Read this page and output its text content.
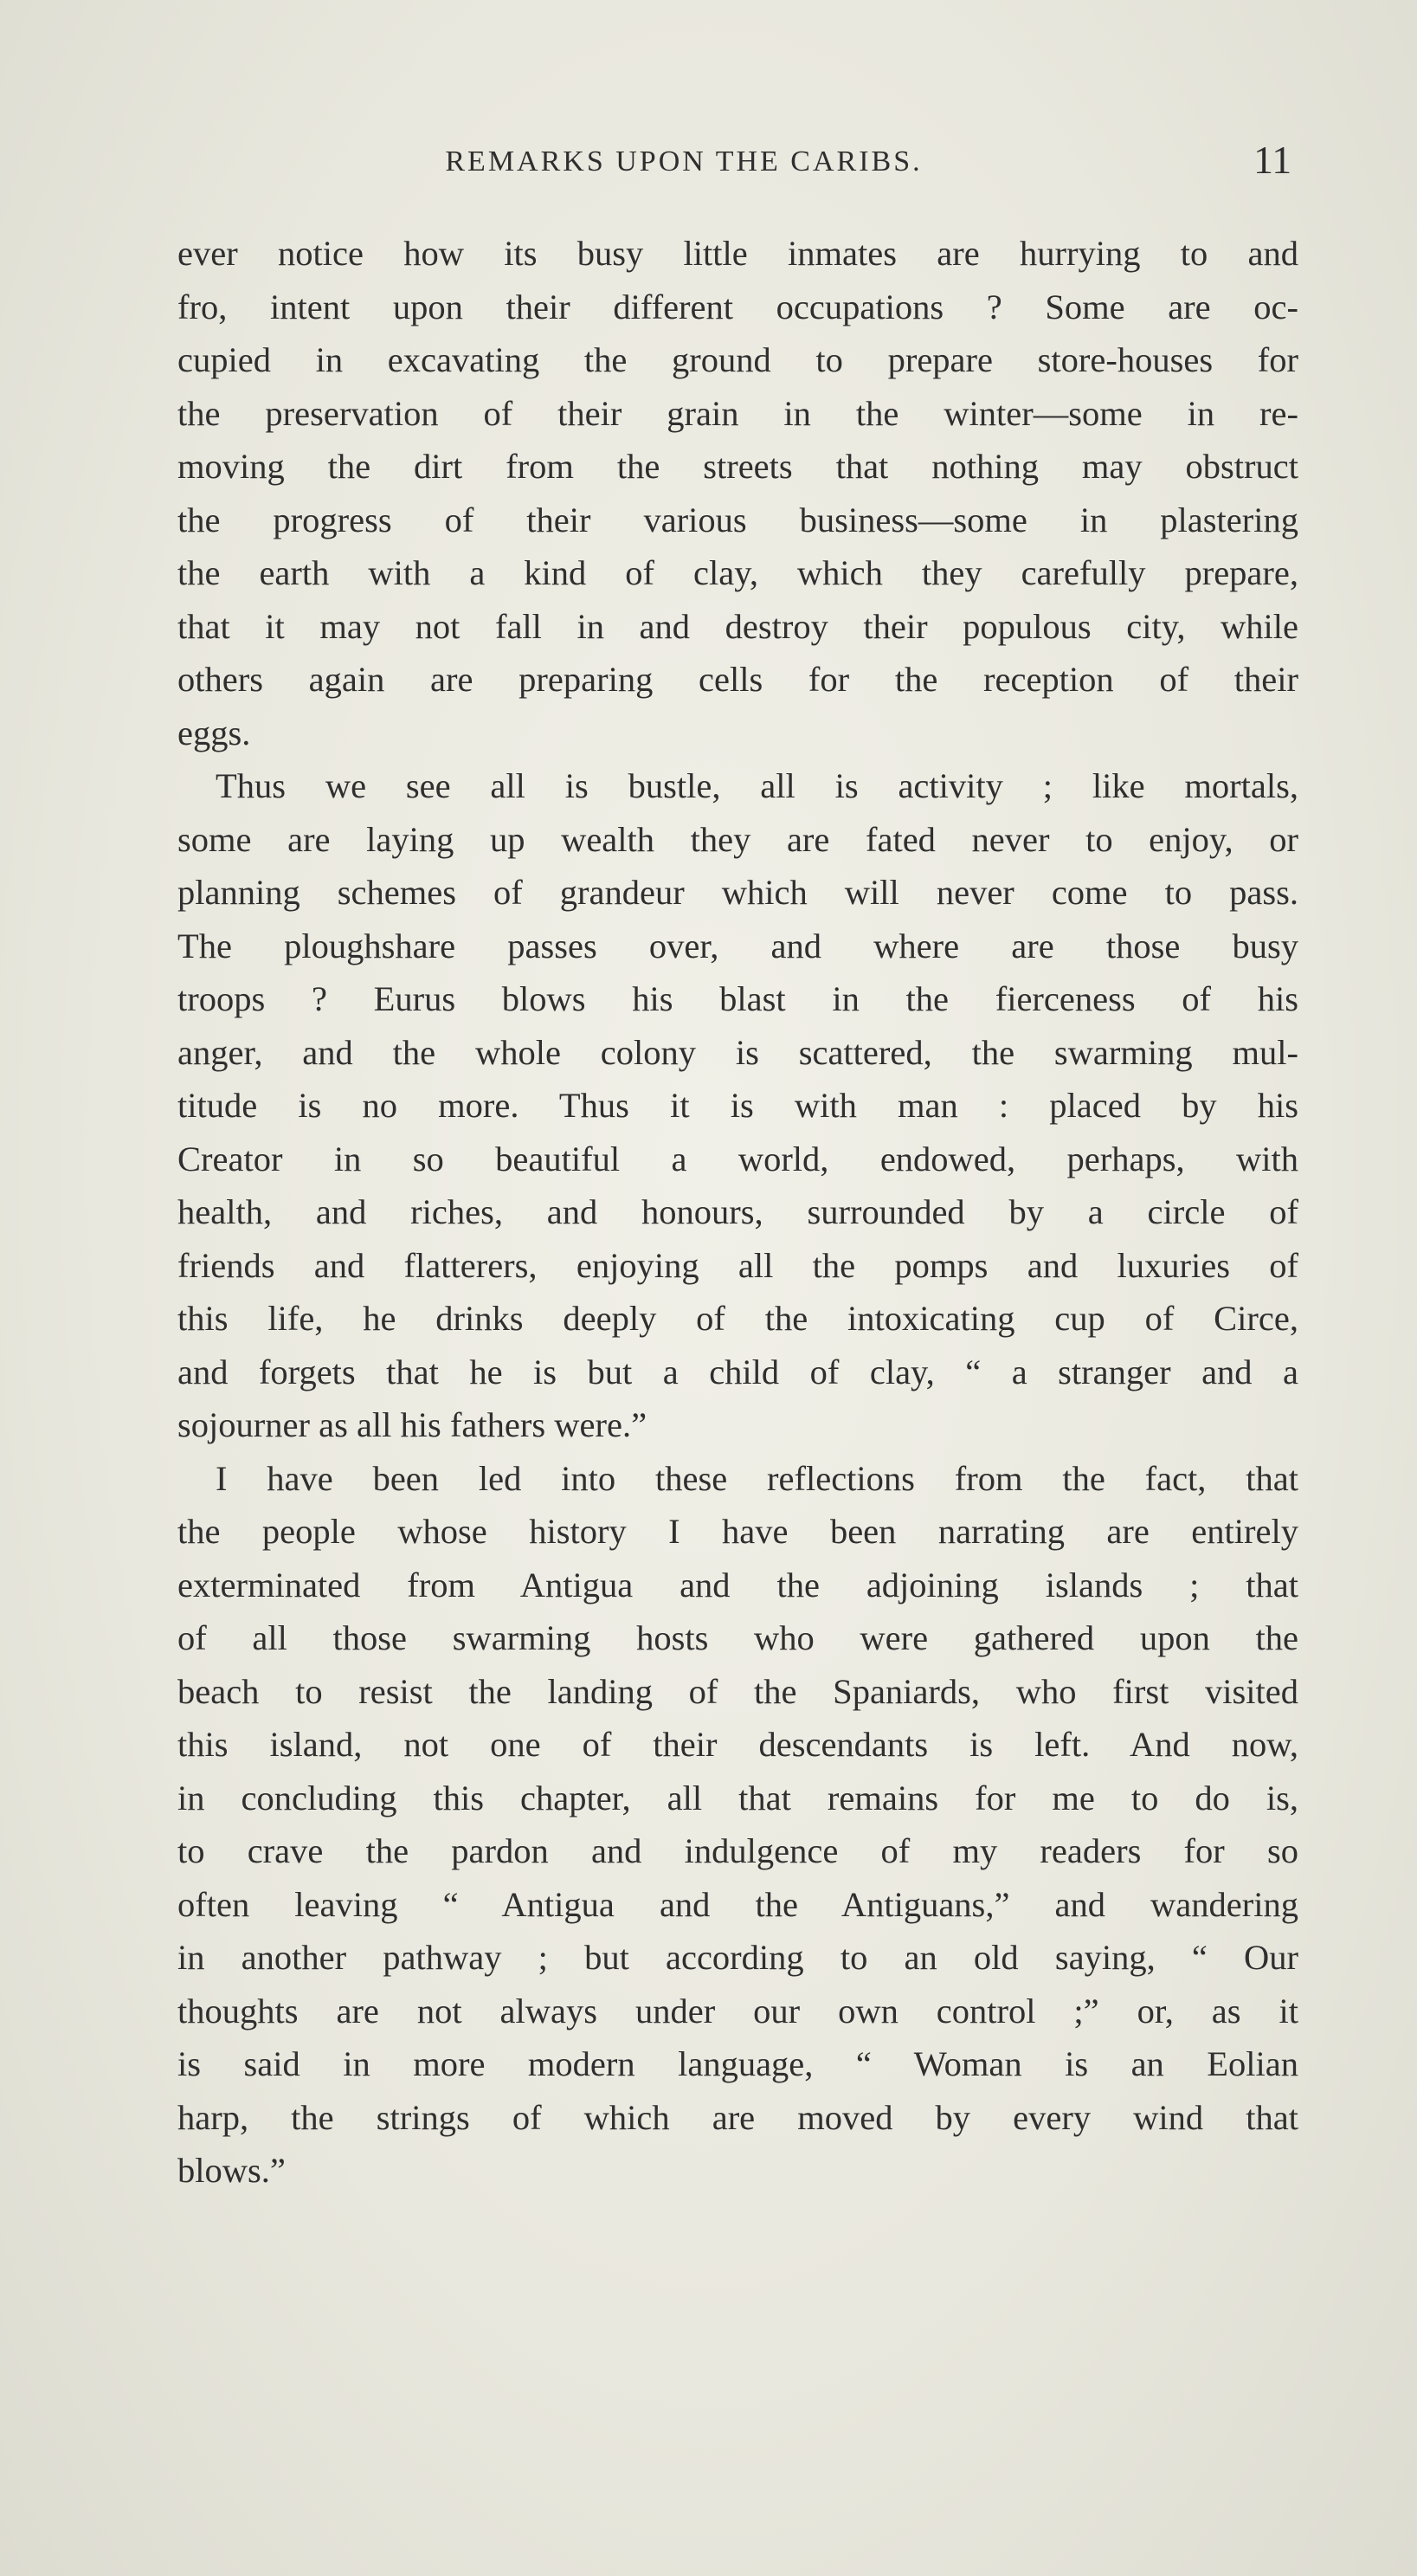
REMARKS UPON THE CARIBS.	11
ever notice how its busy little inmates are hurrying to and
fro, intent upon their different occupations ? Some are oc-
cupied in excavating the ground to prepare store-houses for
the preservation of their grain in the winter—some in re-
moving the dirt from the streets that nothing may obstruct
the progress of their various business—some in plastering
the earth with a kind of clay, which they carefully prepare,
that it may not fall in and destroy their populous city, while
others again are preparing cells for the reception of their
eggs.
Thus we see all is bustle, all is activity ; like mortals,
some are laying up wealth they are fated never to enjoy, or
planning schemes of grandeur which will never come to pass.
The ploughshare passes over, and where are those busy
troops ? Eurus blows his blast in the fierceness of his
anger, and the whole colony is scattered, the swarming mul-
titude is no more. Thus it is with man : placed by his
Creator in so beautiful a world, endowed, perhaps, with
health, and riches, and honours, surrounded by a circle of
friends and flatterers, enjoying all the pomps and luxuries of
this life, he drinks deeply of the intoxicating cup of Circe,
and forgets that he is but a child of clay, “ a stranger and a
sojourner as all his fathers were.”
I have been led into these reflections from the fact, that
the people whose history I have been narrating are entirely
exterminated from Antigua and the adjoining islands ; that
of all those swarming hosts who were gathered upon the
beach to resist the landing of the Spaniards, who first visited
this island, not one of their descendants is left. And now,
in concluding this chapter, all that remains for me to do is,
to crave the pardon and indulgence of my readers for so
often leaving “ Antigua and the Antiguans,” and wandering
in another pathway ; but according to an old saying, “ Our
thoughts are not always under our own control ;” or, as it
is said in more modern language, “ Woman is an Eolian
harp, the strings of which are moved by every wind that
blows.”
